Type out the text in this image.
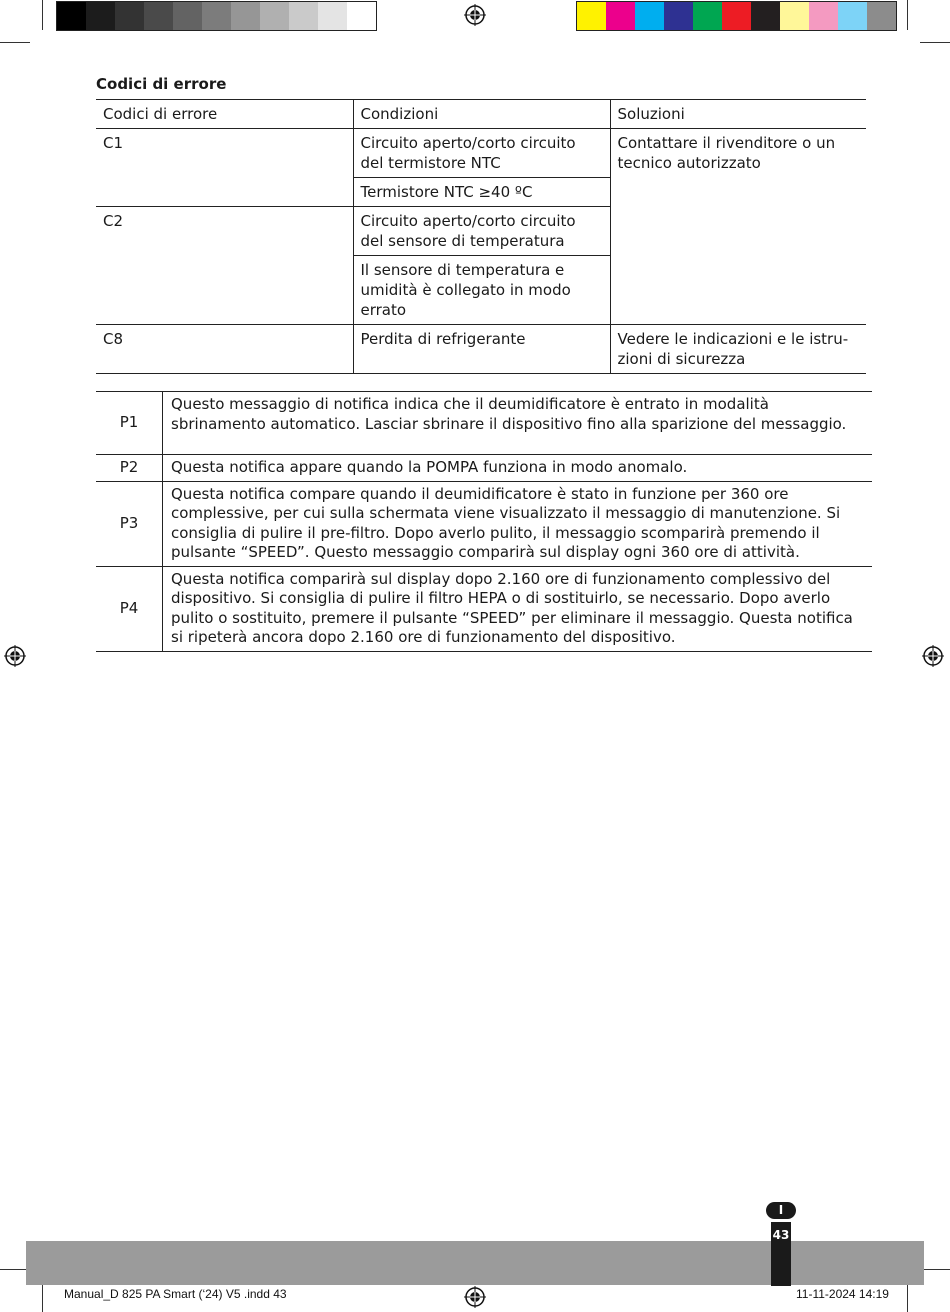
Codici di errore
Codici di errore	Condizioni	Soluzioni
C1	Circuito aperto/corto circuito del termistore NTC	Contattare il rivenditore o un tecnico autorizzato
	Termistore NTC ≥40 ºC	
C2	Circuito aperto/corto circuito del sensore di temperatura	
	Il sensore di temperatura e umidità è collegato in modo errato	
C8	Perdita di refrigerante	Vedere le indicazioni e le istru-zioni di sicurezza
P1	Questo messaggio di notifica indica che il deumidificatore è entrato in modalità sbrinamento automatico. Lasciar sbrinare il dispositivo fino alla sparizione del messaggio.
P2	Questa notifica appare quando la POMPA funziona in modo anomalo.
P3	Questa notifica compare quando il deumidificatore è stato in funzione per 360 ore complessive, per cui sulla schermata viene visualizzato il messaggio di manutenzione. Si consiglia di pulire il pre-filtro. Dopo averlo pulito, il messaggio scomparirà premendo il pulsante “SPEED”. Questo messaggio comparirà sul display ogni 360 ore di attività.
P4	Questa notifica comparirà sul display dopo 2.160 ore di funzionamento complessivo del dispositivo. Si consiglia di pulire il filtro HEPA o di sostituirlo, se necessario. Dopo averlo pulito o sostituito, premere il pulsante “SPEED” per eliminare il messaggio. Questa notifica si ripeterà ancora dopo 2.160 ore di funzionamento del dispositivo.
43
I
Manual_D 825 PA Smart (‘24) V5 .indd 43	11-11-2024 14:19
